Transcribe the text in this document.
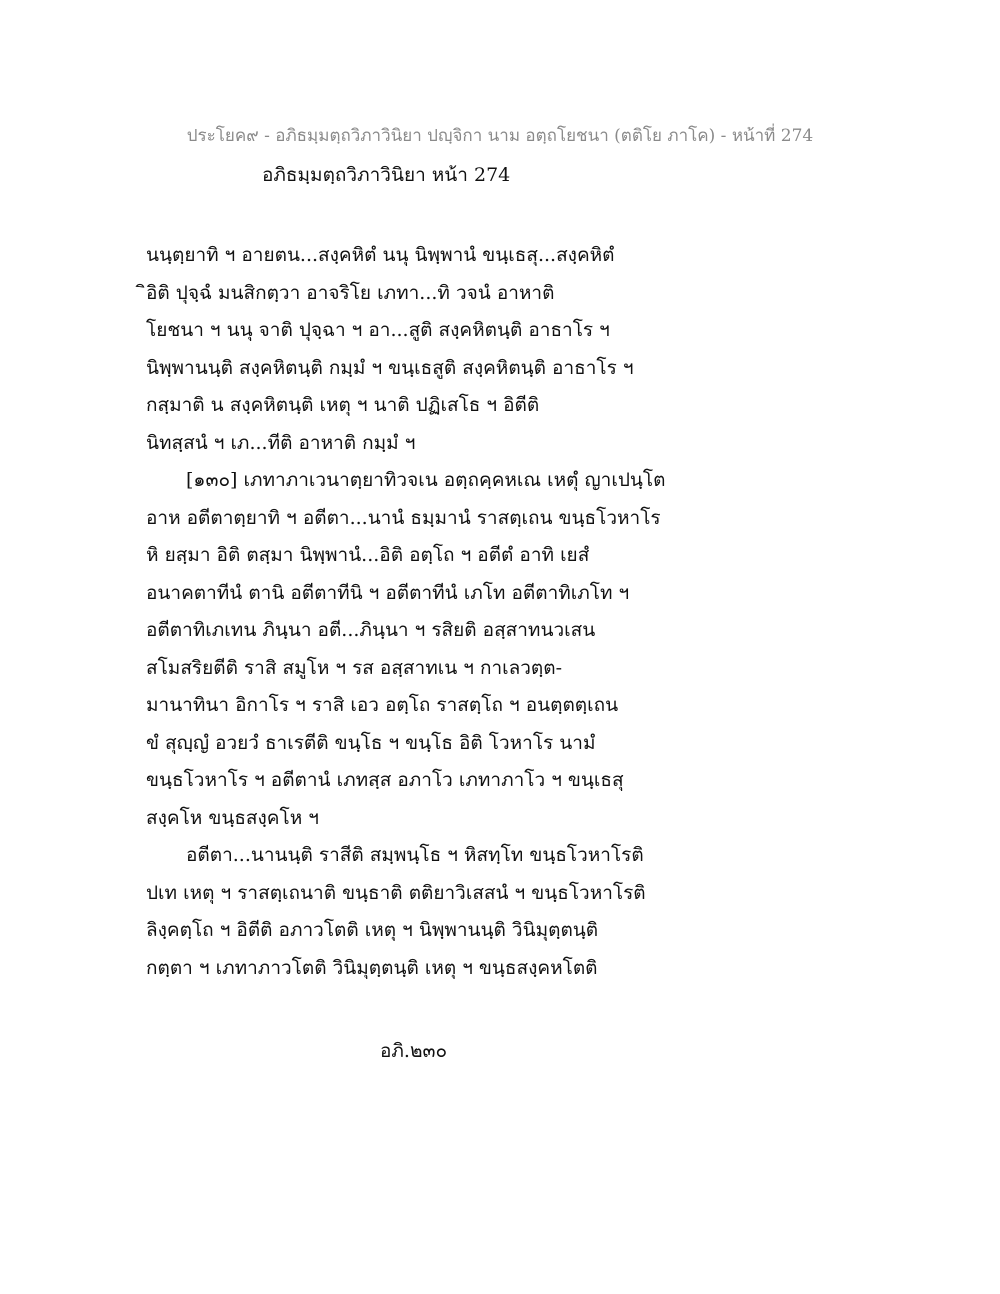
ประโยค๙ - อภิธมฺมตฺถวิภาวินิยา ปญฺจิกา นาม อตฺถโยชนา (ตติโย ภาโค) - หน้าที่ 274
อภิธมฺมตฺถวิภาวินิยา หน้า 274
นนฺตฺยาทิ ฯ อายตน...สงฺคหิตํ นนุ นิพฺพานํ ขนฺเธสุ...สงฺคหิตํ
ิอิติ ปุจฺฉํ มนสิกตฺวา อาจริโย เภทา...ทิ วจนํ อาหาติ
โยชนา ฯ นนุ จาติ ปุจฺฉา ฯ อา...สูติ สงฺคหิตนฺติ อาธาโร ฯ
นิพฺพานนฺติ สงฺคหิตนฺติ กมฺมํ ฯ ขนฺเธสูติ สงฺคหิตนฺติ อาธาโร ฯ
กสฺมาติ น สงฺคหิตนฺติ เหตุ ฯ นาติ ปฏิเสโธ ฯ อิตีติ
นิทสฺสนํ ฯ เภ...ทีติ อาหาติ กมฺมํ ฯ
[๑๓๐] เภทาภาเวนาตฺยาทิวจเน อตฺถคฺคหเณ เหตุํ ญาเปนฺโต
อาห อตีตาตฺยาทิ ฯ อตีตา...นานํ ธมฺมานํ ราสตฺเถน ขนฺธโวหาโร
หิ ยสฺมา อิติ ตสฺมา นิพฺพานํ...อิติ อตฺโถ ฯ อตีตํ อาทิ เยสํ
อนาคตาทีนํ ตานิ อตีตาทีนิ ฯ อตีตาทีนํ เภโท อตีตาทิเภโท ฯ
อตีตาทิเภเทน ภินฺนา อตี...ภินฺนา ฯ รสิยติ อสฺสาทนวเสน
สโมสริยตีติ ราสิ สมูโห ฯ รส อสฺสาทเน ฯ กาเลวตฺต-
มานาทินา อิกาโร ฯ ราสิ เอว อตฺโถ ราสตฺโถ ฯ อนตฺตตฺเถน
ขํ สุญฺญํ อวยวํ ธาเรตีติ ขนฺโธ ฯ ขนฺโธ อิติ โวหาโร นามํ
ขนฺธโวหาโร ฯ อตีตานํ เภทสฺส อภาโว เภทาภาโว ฯ ขนฺเธสุ
สงฺคโห ขนฺธสงฺคโห ฯ
อตีตา...นานนฺติ ราสีติ สมฺพนฺโธ ฯ หิสทฺโท ขนฺธโวหาโรติ
ปเท เหตุ ฯ ราสตฺเถนาติ ขนฺธาติ ตติยาวิเสสนํ ฯ ขนฺธโวหาโรติ
ลิงฺคตฺโถ ฯ อิตีติ อภาวโตติ เหตุ ฯ นิพฺพานนฺติ วินิมุตฺตนฺติ
กตฺตา ฯ เภทาภาวโตติ วินิมุตฺตนฺติ เหตุ ฯ ขนฺธสงฺคหโตติ
อภิ.๒๓๐
